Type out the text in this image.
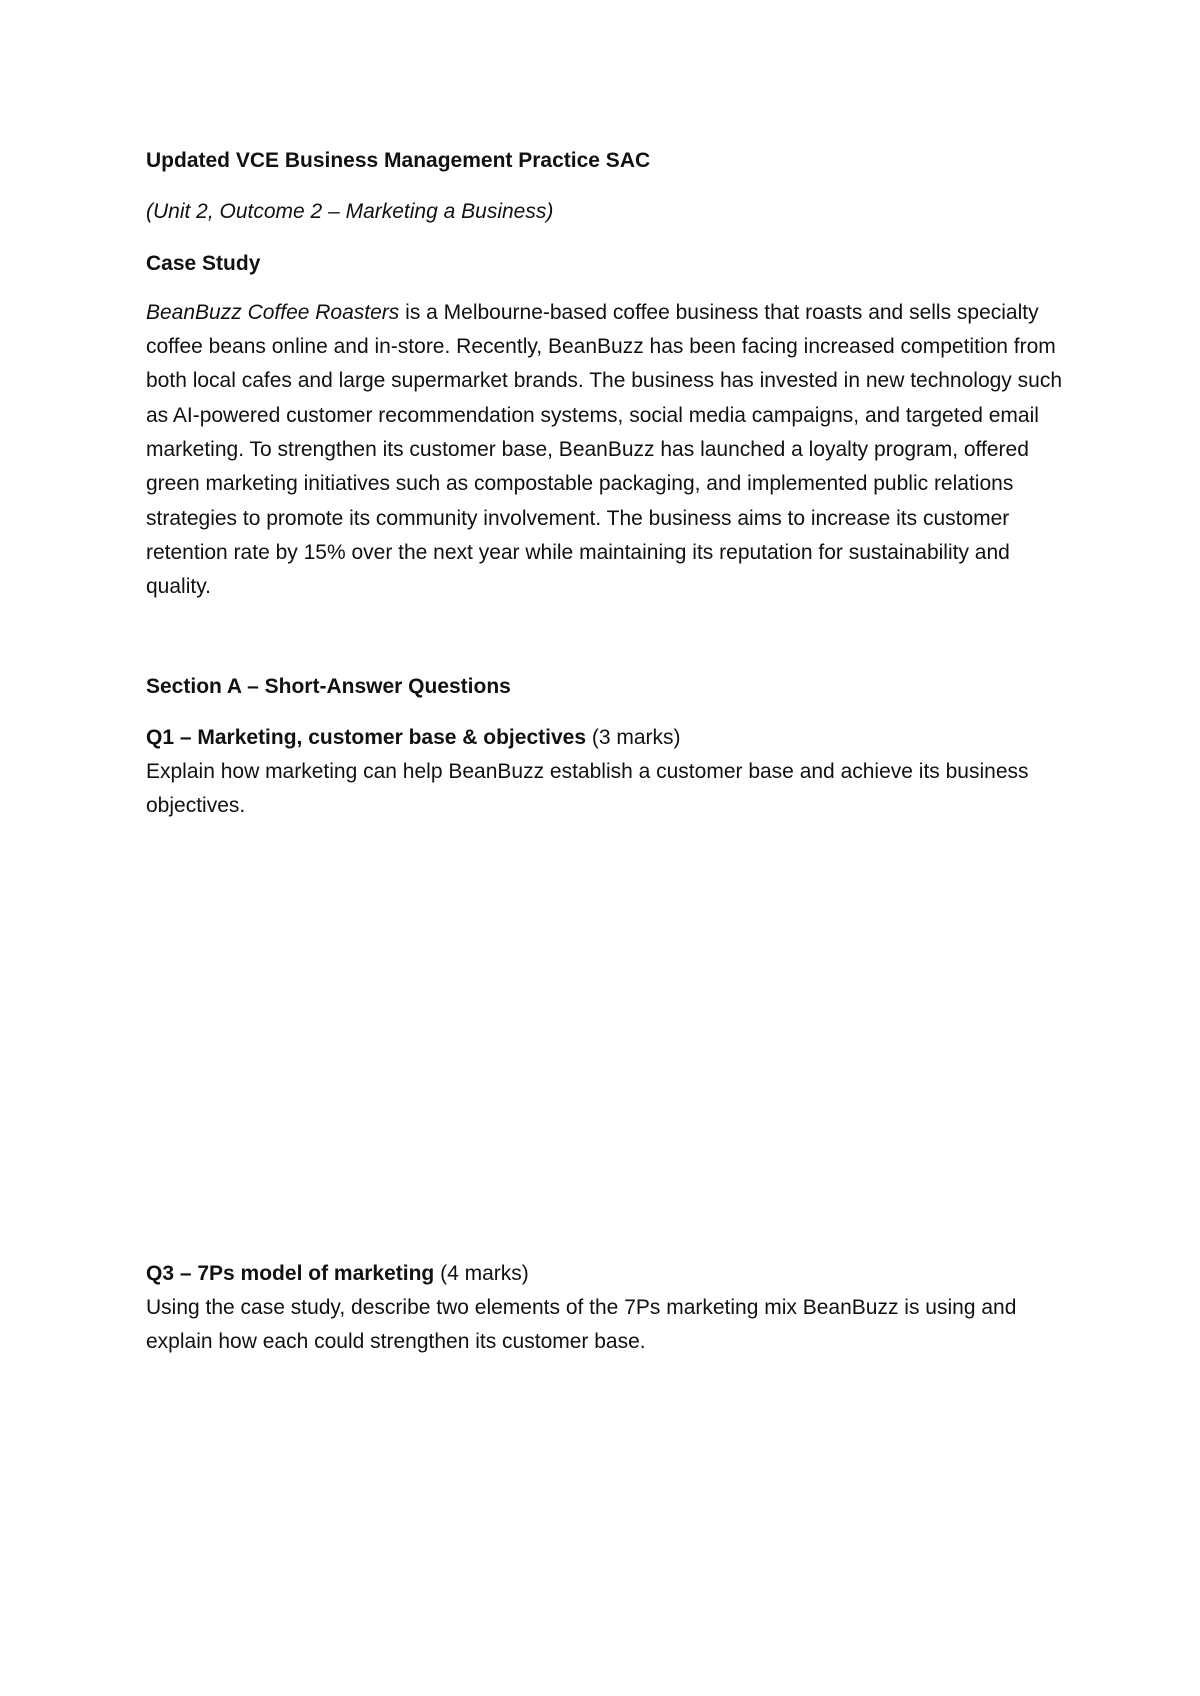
Updated VCE Business Management Practice SAC

(Unit 2, Outcome 2 – Marketing a Business)

Case Study

BeanBuzz Coffee Roasters is a Melbourne-based coffee business that roasts and sells specialty coffee beans online and in-store. Recently, BeanBuzz has been facing increased competition from both local cafes and large supermarket brands. The business has invested in new technology such as AI-powered customer recommendation systems, social media campaigns, and targeted email marketing. To strengthen its customer base, BeanBuzz has launched a loyalty program, offered green marketing initiatives such as compostable packaging, and implemented public relations strategies to promote its community involvement. The business aims to increase its customer retention rate by 15% over the next year while maintaining its reputation for sustainability and quality.

Section A – Short-Answer Questions

Q1 – Marketing, customer base & objectives (3 marks)
Explain how marketing can help BeanBuzz establish a customer base and achieve its business objectives.
Q3 – 7Ps model of marketing (4 marks)
Using the case study, describe two elements of the 7Ps marketing mix BeanBuzz is using and explain how each could strengthen its customer base.
